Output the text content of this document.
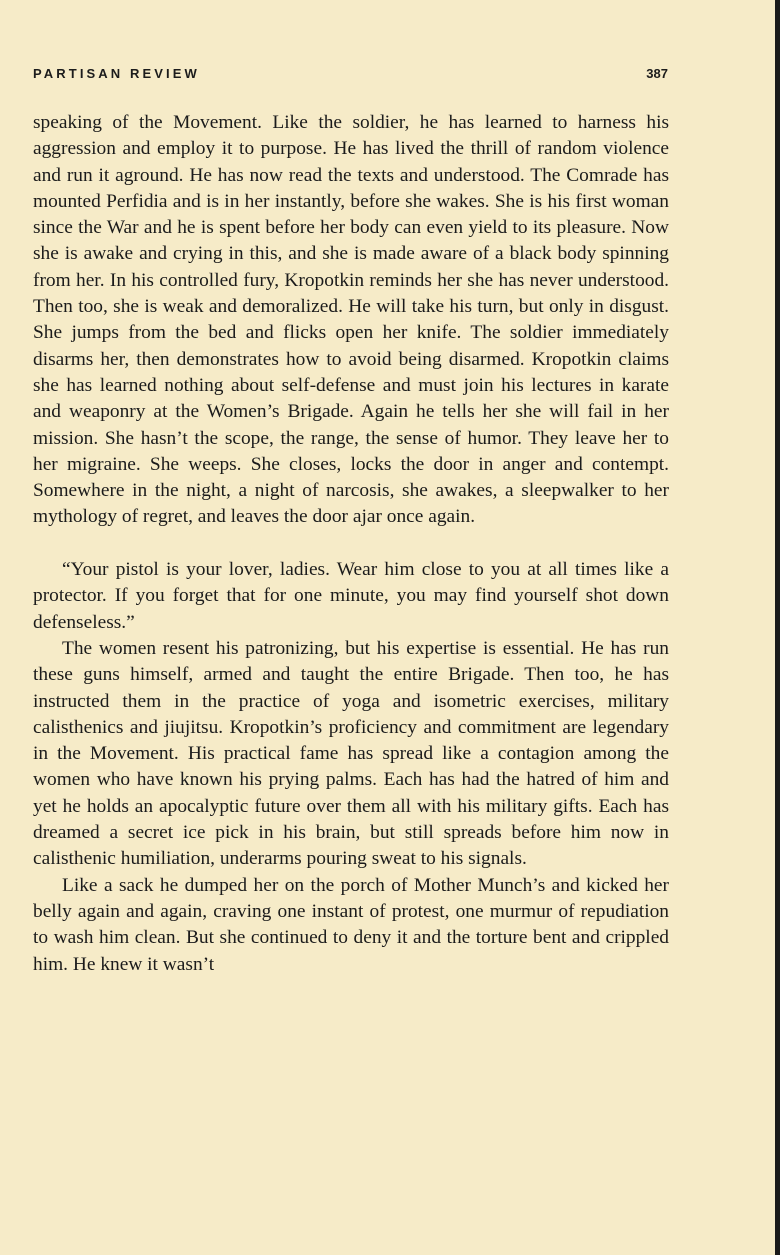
PARTISAN REVIEW	387

speaking of the Movement. Like the soldier, he has learned to harness his aggression and employ it to purpose. He has lived the thrill of random violence and run it aground. He has now read the texts and understood. The Comrade has mounted Perfidia and is in her instantly, before she wakes. She is his first woman since the War and he is spent before her body can even yield to its pleasure. Now she is awake and crying in this, and she is made aware of a black body spinning from her. In his controlled fury, Kropotkin reminds her she has never understood. Then too, she is weak and demoralized. He will take his turn, but only in disgust. She jumps from the bed and flicks open her knife. The soldier immediately disarms her, then demonstrates how to avoid being disarmed. Kropotkin claims she has learned nothing about self-defense and must join his lectures in karate and weaponry at the Women’s Brigade. Again he tells her she will fail in her mission. She hasn’t the scope, the range, the sense of humor. They leave her to her migraine. She weeps. She closes, locks the door in anger and contempt. Somewhere in the night, a night of narcosis, she awakes, a sleepwalker to her mythology of regret, and leaves the door ajar once again.

“Your pistol is your lover, ladies. Wear him close to you at all times like a protector. If you forget that for one minute, you may find yourself shot down defenseless.”

The women resent his patronizing, but his expertise is essential. He has run these guns himself, armed and taught the entire Brigade. Then too, he has instructed them in the practice of yoga and isometric exercises, military calisthenics and jiujitsu. Kropotkin’s proficiency and commitment are legendary in the Movement. His practical fame has spread like a contagion among the women who have known his prying palms. Each has had the hatred of him and yet he holds an apocalyptic future over them all with his military gifts. Each has dreamed a secret ice pick in his brain, but still spreads before him now in calisthenic humiliation, underarms pouring sweat to his signals.

Like a sack he dumped her on the porch of Mother Munch’s and kicked her belly again and again, craving one instant of protest, one murmur of repudiation to wash him clean. But she continued to deny it and the torture bent and crippled him. He knew it wasn’t
